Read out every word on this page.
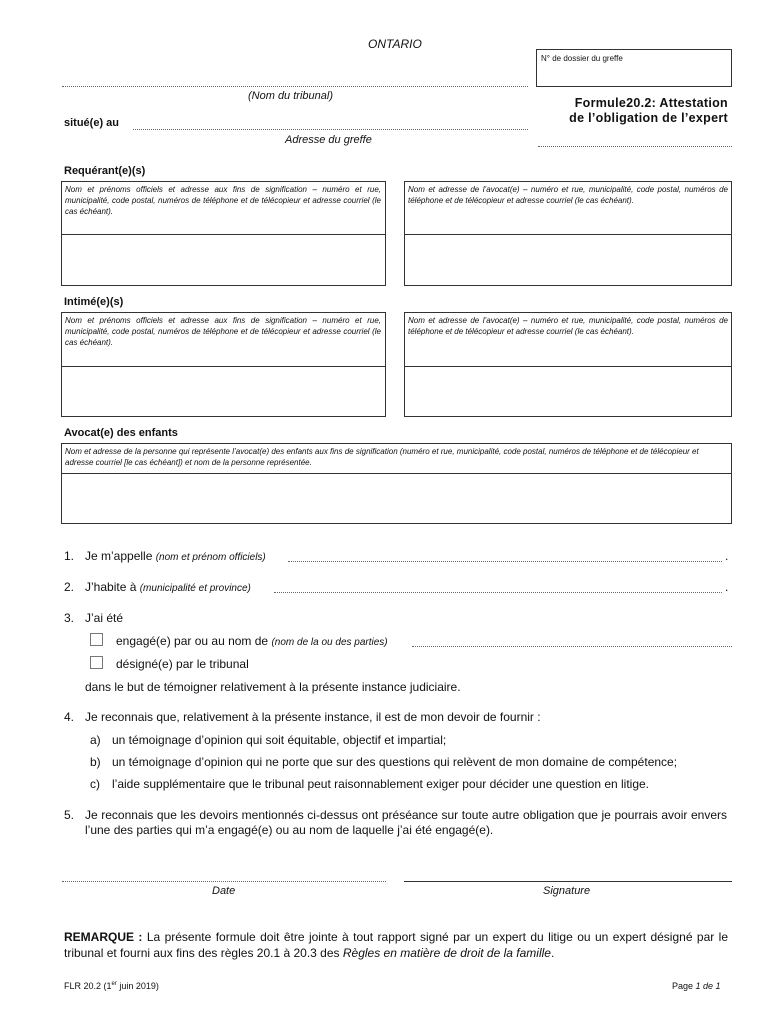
ONTARIO
N° de dossier du greffe
(Nom du tribunal)
situé(e) au
Adresse du greffe
Formule20.2: Attestation
de l’obligation de l’expert
Requérant(e)(s)
Nom et prénoms officiels et adresse aux fins de signification – numéro et rue, municipalité, code postal, numéros de téléphone et de télécopieur et adresse courriel (le cas échéant).
Nom et adresse de l’avocat(e) – numéro et rue, municipalité, code postal, numéros de téléphone et de télécopieur et adresse courriel (le cas échéant).
Intimé(e)(s)
Nom et prénoms officiels et adresse aux fins de signification – numéro et rue, municipalité, code postal, numéros de téléphone et de télécopieur et adresse courriel (le cas échéant).
Nom et adresse de l’avocat(e) – numéro et rue, municipalité, code postal, numéros de téléphone et de télécopieur et adresse courriel (le cas échéant).
Avocat(e) des enfants
Nom et adresse de la personne qui représente l’avocat(e) des enfants aux fins de signification (numéro et rue, municipalité, code postal, numéros de téléphone et de télécopieur et adresse courriel [le cas échéant]) et nom de la personne représentée.
1. Je m’appelle (nom et prénom officiels)	.
2. J’habite à (municipalité et province)	.
3. J’ai été
engagé(e) par ou au nom de (nom de la ou des parties)
désigné(e) par le tribunal
dans le but de témoigner relativement à la présente instance judiciaire.
4. Je reconnais que, relativement à la présente instance, il est de mon devoir de fournir :
a) un témoignage d’opinion qui soit équitable, objectif et impartial;
b) un témoignage d’opinion qui ne porte que sur des questions qui relèvent de mon domaine de compétence;
c) l’aide supplémentaire que le tribunal peut raisonnablement exiger pour décider une question en litige.
5. Je reconnais que les devoirs mentionnés ci-dessus ont préséance sur toute autre obligation que je pourrais avoir envers l’une des parties qui m’a engagé(e) ou au nom de laquelle j’ai été engagé(e).
Date	Signature
REMARQUE : La présente formule doit être jointe à tout rapport signé par un expert du litige ou un expert désigné par le tribunal et fourni aux fins des règles 20.1 à 20.3 des Règles en matière de droit de la famille.
FLR 20.2 (1er juin 2019)	Page 1 de 1
